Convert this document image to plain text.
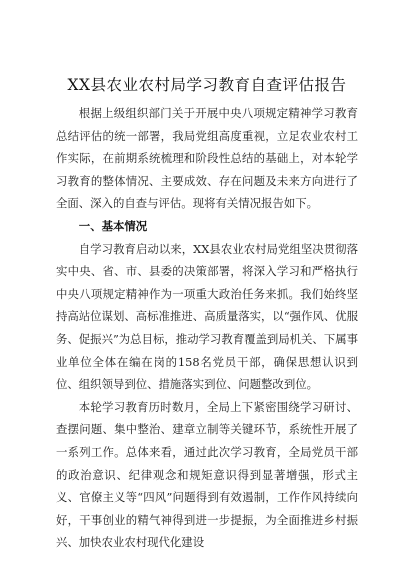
XX县农业农村局学习教育自查评估报告

根据上级组织部门关于开展中央八项规定精神学习教育总结评估的统一部署，我局党组高度重视，立足农业农村工作实际，在前期系统梳理和阶段性总结的基础上，对本轮学习教育的整体情况、主要成效、存在问题及未来方向进行了全面、深入的自查与评估。现将有关情况报告如下。

一、基本情况

自学习教育启动以来，XX县农业农村局党组坚决贯彻落实中央、省、市、县委的决策部署，将深入学习和严格执行中央八项规定精神作为一项重大政治任务来抓。我们始终坚持高站位谋划、高标准推进、高质量落实，以“强作风、优服务、促振兴”为总目标，推动学习教育覆盖到局机关、下属事业单位全体在编在岗的158名党员干部，确保思想认识到位、组织领导到位、措施落实到位、问题整改到位。

本轮学习教育历时数月，全局上下紧密围绕学习研讨、查摆问题、集中整治、建章立制等关键环节，系统性开展了一系列工作。总体来看，通过此次学习教育，全局党员干部的政治意识、纪律观念和规矩意识得到显著增强，形式主义、官僚主义等“四风”问题得到有效遏制，工作作风持续向好，干事创业的精气神得到进一步提振，为全面推进乡村振兴、加快农业农村现代化建设
